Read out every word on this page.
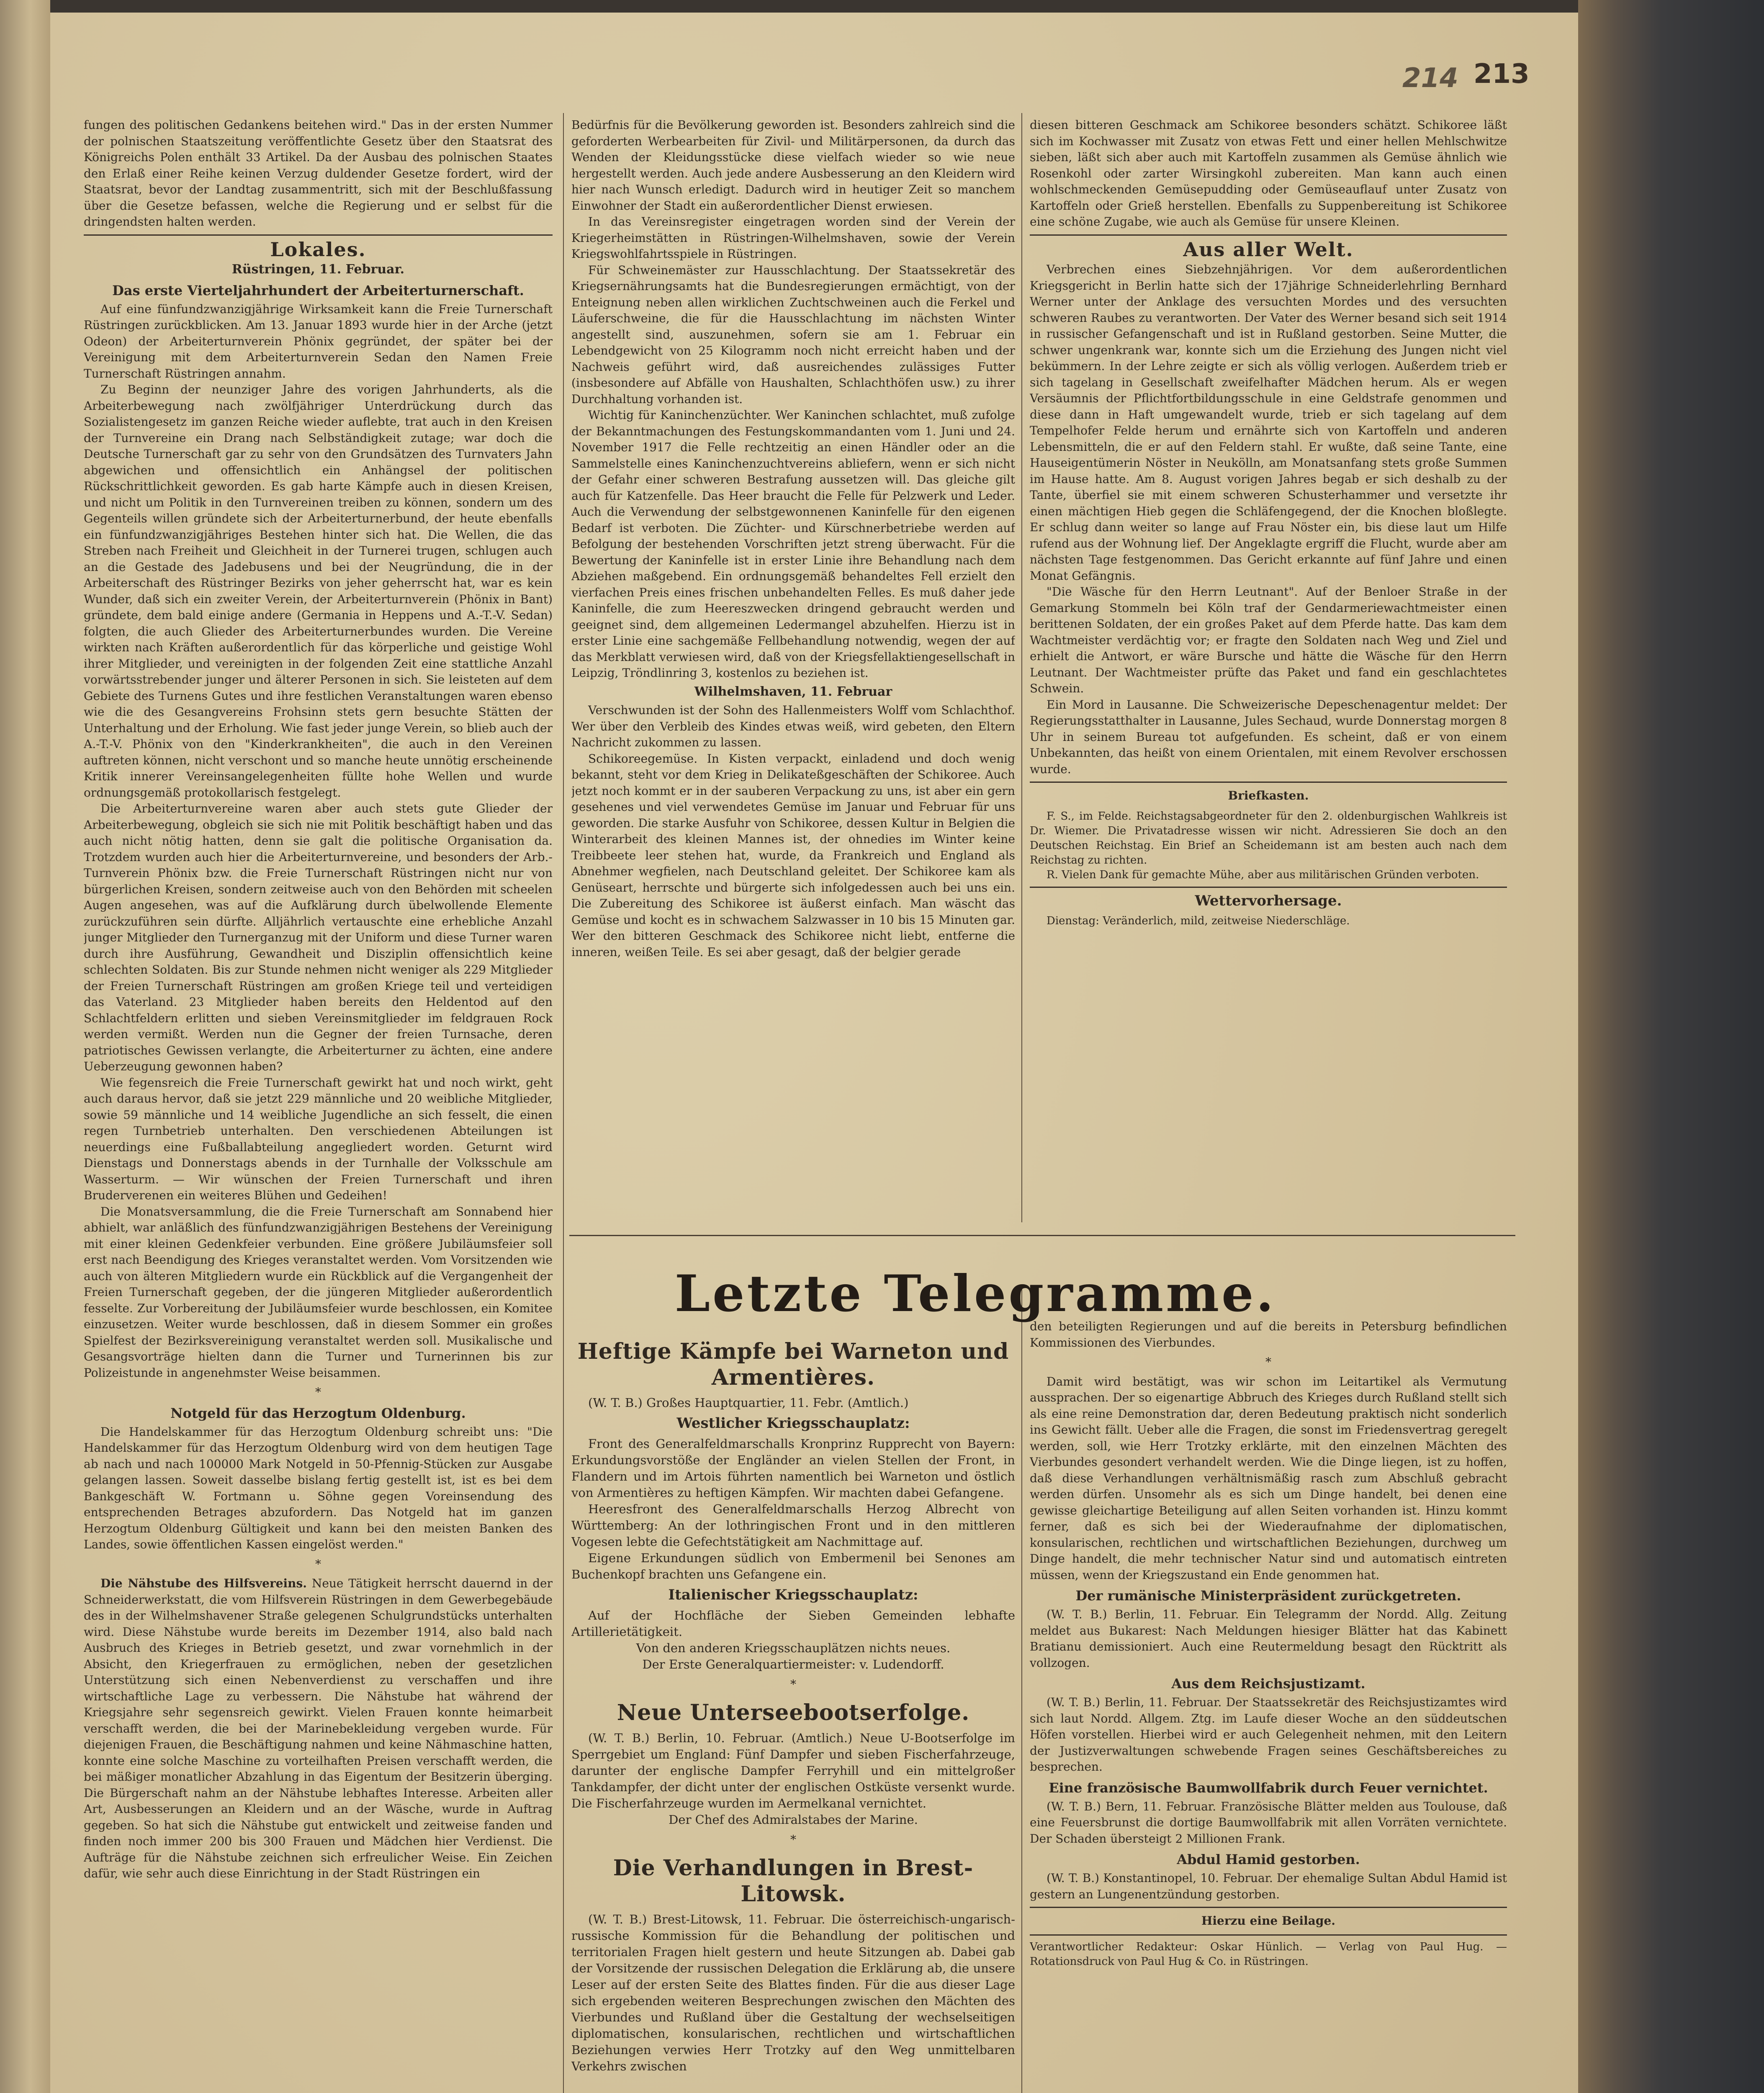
214 213

fungen des politischen Gedankens beitehen wird." Das in der ersten Nummer der polnischen Staatszeitung veröffentlichte Gesetz über den Staatsrat des Königreichs Polen enthält 33 Artikel. Da der Ausbau des polnischen Staates den Erlaß einer Reihe keinen Verzug duldender Gesetze fordert, wird der Staatsrat, bevor der Landtag zusammentritt, sich mit der Beschlußfassung über die Gesetze befassen, welche die Regierung und er selbst für die dringendsten halten werden.

Lokales.
Rüstringen, 11. Februar.
Das erste Vierteljahrhundert der Arbeiterturnerschaft.

Auf eine fünfundzwanzigjährige Wirksamkeit kann die Freie Turnerschaft Rüstringen zurückblicken. Am 13. Januar 1893 wurde hier in der Arche (jetzt Odeon) der Arbeiterturnverein Phönix gegründet, der später bei der Vereinigung mit dem Arbeiterturnverein Sedan den Namen Freie Turnerschaft Rüstringen annahm.

Zu Beginn der neunziger Jahre des vorigen Jahrhunderts, als die Arbeiterbewegung nach zwölfjähriger Unterdrückung durch das Sozialistengesetz im ganzen Reiche wieder auflebte, trat auch in den Kreisen der Turnvereine ein Drang nach Selbständigkeit zutage; war doch die Deutsche Turnerschaft gar zu sehr von den Grundsätzen des Turnvaters Jahn abgewichen und offensichtlich ein Anhängsel der politischen Rückschrittlichkeit geworden. Es gab harte Kämpfe auch in diesen Kreisen, und nicht um Politik in den Turnvereinen treiben zu können, sondern um des Gegenteils willen gründete sich der Arbeiterturnerbund, der heute ebenfalls ein fünfundzwanzigjähriges Bestehen hinter sich hat. Die Wellen, die das Streben nach Freiheit und Gleichheit in der Turnerei trugen, schlugen auch an die Gestade des Jadebusens und bei der Neugründung, die in der Arbeiterschaft des Rüstringer Bezirks von jeher geherrscht hat, war es kein Wunder, daß sich ein zweiter Verein, der Arbeiterturnverein (Phönix in Bant) gründete, dem bald einige andere (Germania in Heppens und A.-T.-V. Sedan) folgten, die auch Glieder des Arbeiterturnerbundes wurden. Die Vereine wirkten nach Kräften außerordentlich für das körperliche und geistige Wohl ihrer Mitglieder, und vereinigten in der folgenden Zeit eine stattliche Anzahl vorwärtsstrebender junger und älterer Personen in sich. Sie leisteten auf dem Gebiete des Turnens Gutes und ihre festlichen Veranstaltungen waren ebenso wie die des Gesangvereins Frohsinn stets gern besuchte Stätten der Unterhaltung und der Erholung. Wie fast jeder junge Verein, so blieb auch der A.-T.-V. Phönix von den "Kinderkrankheiten", die auch in den Vereinen auftreten können, nicht verschont und so manche heute unnötig erscheinende Kritik innerer Vereinsangelegenheiten füllte hohe Wellen und wurde ordnungsgemäß protokollarisch festgelegt.

Die Arbeiterturnvereine waren aber auch stets gute Glieder der Arbeiterbewegung, obgleich sie sich nie mit Politik beschäftigt haben und das auch nicht nötig hatten, denn sie galt die politische Organisation da. Trotzdem wurden auch hier die Arbeiterturnvereine, und besonders der Arb.-Turnverein Phönix bzw. die Freie Turnerschaft Rüstringen nicht nur von bürgerlichen Kreisen, sondern zeitweise auch von den Behörden mit scheelen Augen angesehen, was auf die Aufklärung durch übelwollende Elemente zurückzuführen sein dürfte. Alljährlich vertauschte eine erhebliche Anzahl junger Mitglieder den Turnerganzug mit der Uniform und diese Turner waren durch ihre Ausführung, Gewandheit und Disziplin offensichtlich keine schlechten Soldaten. Bis zur Stunde nehmen nicht weniger als 229 Mitglieder der Freien Turnerschaft Rüstringen am großen Kriege teil und verteidigen das Vaterland. 23 Mitglieder haben bereits den Heldentod auf den Schlachtfeldern erlitten und sieben Vereinsmitglieder im feldgrauen Rock werden vermißt. Werden nun die Gegner der freien Turnsache, deren patriotisches Gewissen verlangte, die Arbeiterturner zu ächten, eine andere Ueberzeugung gewonnen haben?

Wie fegensreich die Freie Turnerschaft gewirkt hat und noch wirkt, geht auch daraus hervor, daß sie jetzt 229 männliche und 20 weibliche Mitglieder, sowie 59 männliche und 14 weibliche Jugendliche an sich fesselt, die einen regen Turnbetrieb unterhalten. Den verschiedenen Abteilungen ist neuerdings eine Fußballabteilung angegliedert worden. Geturnt wird Dienstags und Donnerstags abends in der Turnhalle der Volksschule am Wasserturm. — Wir wünschen der Freien Turnerschaft und ihren Bruderverenen ein weiteres Blühen und Gedeihen!

Die Monatsversammlung, die die Freie Turnerschaft am Sonnabend hier abhielt, war anläßlich des fünfundzwanzigjährigen Bestehens der Vereinigung mit einer kleinen Gedenkfeier verbunden. Eine größere Jubiläumsfeier soll erst nach Beendigung des Krieges veranstaltet werden. Vom Vorsitzenden wie auch von älteren Mitgliedern wurde ein Rückblick auf die Vergangenheit der Freien Turnerschaft gegeben, der die jüngeren Mitglieder außerordentlich fesselte. Zur Vorbereitung der Jubiläumsfeier wurde beschlossen, ein Komitee einzusetzen. Weiter wurde beschlossen, daß in diesem Sommer ein großes Spielfest der Bezirksvereinigung veranstaltet werden soll. Musikalische und Gesangsvorträge hielten dann die Turner und Turnerinnen bis zur Polizeistunde in angenehmster Weise beisammen.

*
Notgeld für das Herzogtum Oldenburg.

Die Handelskammer für das Herzogtum Oldenburg schreibt uns: "Die Handelskammer für das Herzogtum Oldenburg wird von dem heutigen Tage ab nach und nach 100000 Mark Notgeld in 50-Pfennig-Stücken zur Ausgabe gelangen lassen. Soweit dasselbe bislang fertig gestellt ist, ist es bei dem Bankgeschäft W. Fortmann u. Söhne gegen Voreinsendung des entsprechenden Betrages abzufordern. Das Notgeld hat im ganzen Herzogtum Oldenburg Gültigkeit und kann bei den meisten Banken des Landes, sowie öffentlichen Kassen eingelöst werden."

*

Die Nähstube des Hilfsvereins. Neue Tätigkeit herrscht dauernd in der Schneiderwerkstatt, die vom Hilfsverein Rüstringen in dem Gewerbegebäude des in der Wilhelmshavener Straße gelegenen Schulgrundstücks unterhalten wird. Diese Nähstube wurde bereits im Dezember 1914, also bald nach Ausbruch des Krieges in Betrieb gesetzt, und zwar vornehmlich in der Absicht, den Kriegerfrauen zu ermöglichen, neben der gesetzlichen Unterstützung sich einen Nebenverdienst zu verschaffen und ihre wirtschaftliche Lage zu verbessern. Die Nähstube hat während der Kriegsjahre sehr segensreich gewirkt. Vielen Frauen konnte heimarbeit verschafft werden, die bei der Marinebekleidung vergeben wurde. Für diejenigen Frauen, die Beschäftigung nahmen und keine Nähmaschine hatten, konnte eine solche Maschine zu vorteilhaften Preisen verschafft werden, die bei mäßiger monatlicher Abzahlung in das Eigentum der Besitzerin überging. Die Bürgerschaft nahm an der Nähstube lebhaftes Interesse. Arbeiten aller Art, Ausbesserungen an Kleidern und an der Wäsche, wurde in Auftrag gegeben. So hat sich die Nähstube gut entwickelt und zeitweise fanden und finden noch immer 200 bis 300 Frauen und Mädchen hier Verdienst. Die Aufträge für die Nähstube zeichnen sich erfreulicher Weise. Ein Zeichen dafür, wie sehr auch diese Einrichtung in der Stadt Rüstringen ein

Bedürfnis für die Bevölkerung geworden ist. Besonders zahlreich sind die geforderten Werbearbeiten für Zivil- und Militärpersonen, da durch das Wenden der Kleidungsstücke diese vielfach wieder so wie neue hergestellt werden. Auch jede andere Ausbesserung an den Kleidern wird hier nach Wunsch erledigt. Dadurch wird in heutiger Zeit so manchem Einwohner der Stadt ein außerordentlicher Dienst erwiesen.

In das Vereinsregister eingetragen worden sind der Verein der Kriegerheimstätten in Rüstringen-Wilhelmshaven, sowie der Verein Kriegswohlfahrtsspiele in Rüstringen.

Für Schweinemäster zur Hausschlachtung. Der Staatssekretär des Kriegsernährungsamts hat die Bundesregierungen ermächtigt, von der Enteignung neben allen wirklichen Zuchtschweinen auch die Ferkel und Läuferschweine, die für die Hausschlachtung im nächsten Winter angestellt sind, auszunehmen, sofern sie am 1. Februar ein Lebendgewicht von 25 Kilogramm noch nicht erreicht haben und der Nachweis geführt wird, daß ausreichendes zulässiges Futter (insbesondere auf Abfälle von Haushalten, Schlachthöfen usw.) zu ihrer Durchhaltung vorhanden ist.

Wichtig für Kaninchenzüchter. Wer Kaninchen schlachtet, muß zufolge der Bekanntmachungen des Festungskommandanten vom 1. Juni und 24. November 1917 die Felle rechtzeitig an einen Händler oder an die Sammelstelle eines Kaninchenzuchtvereins abliefern, wenn er sich nicht der Gefahr einer schweren Bestrafung aussetzen will. Das gleiche gilt auch für Katzenfelle. Das Heer braucht die Felle für Pelzwerk und Leder. Auch die Verwendung der selbstgewonnenen Kaninfelle für den eigenen Bedarf ist verboten. Die Züchter- und Kürschnerbetriebe werden auf Befolgung der bestehenden Vorschriften jetzt streng überwacht. Für die Bewertung der Kaninfelle ist in erster Linie ihre Behandlung nach dem Abziehen maßgebend. Ein ordnungsgemäß behandeltes Fell erzielt den vierfachen Preis eines frischen unbehandelten Felles. Es muß daher jede Kaninfelle, die zum Heereszwecken dringend gebraucht werden und geeignet sind, dem allgemeinen Ledermangel abzuhelfen. Hierzu ist in erster Linie eine sachgemäße Fellbehandlung notwendig, wegen der auf das Merkblatt verwiesen wird, daß von der Kriegsfellaktiengesellschaft in Leipzig, Tröndlinring 3, kostenlos zu beziehen ist.

Wilhelmshaven, 11. Februar

Verschwunden ist der Sohn des Hallenmeisters Wolff vom Schlachthof. Wer über den Verbleib des Kindes etwas weiß, wird gebeten, den Eltern Nachricht zukommen zu lassen.

Schikoreegemüse. In Kisten verpackt, einladend und doch wenig bekannt, steht vor dem Krieg in Delikateßgeschäften der Schikoree. Auch jetzt noch kommt er in der sauberen Verpackung zu uns, ist aber ein gern gesehenes und viel verwendetes Gemüse im Januar und Februar für uns geworden. Die starke Ausfuhr von Schikoree, dessen Kultur in Belgien die Winterarbeit des kleinen Mannes ist, der ohnedies im Winter keine Treibbeete leer stehen hat, wurde, da Frankreich und England als Abnehmer wegfielen, nach Deutschland geleitet. Der Schikoree kam als Genüseart, herrschte und bürgerte sich infolgedessen auch bei uns ein. Die Zubereitung des Schikoree ist äußerst einfach. Man wäscht das Gemüse und kocht es in schwachem Salzwasser in 10 bis 15 Minuten gar. Wer den bitteren Geschmack des Schikoree nicht liebt, entferne die inneren, weißen Teile. Es sei aber gesagt, daß der belgier gerade

diesen bitteren Geschmack am Schikoree besonders schätzt. Schikoree läßt sich im Kochwasser mit Zusatz von etwas Fett und einer hellen Mehlschwitze sieben, läßt sich aber auch mit Kartoffeln zusammen als Gemüse ähnlich wie Rosenkohl oder zarter Wirsingkohl zubereiten. Man kann auch einen wohlschmeckenden Gemüsepudding oder Gemüseauflauf unter Zusatz von Kartoffeln oder Grieß herstellen. Ebenfalls zu Suppenbereitung ist Schikoree eine schöne Zugabe, wie auch als Gemüse für unsere Kleinen.

Aus aller Welt.

Verbrechen eines Siebzehnjährigen. Vor dem außerordentlichen Kriegsgericht in Berlin hatte sich der 17jährige Schneiderlehrling Bernhard Werner unter der Anklage des versuchten Mordes und des versuchten schweren Raubes zu verantworten. Der Vater des Werner besand sich seit 1914 in russischer Gefangenschaft und ist in Rußland gestorben. Seine Mutter, die schwer ungenkrank war, konnte sich um die Erziehung des Jungen nicht viel bekümmern. In der Lehre zeigte er sich als völlig verlogen. Außerdem trieb er sich tagelang in Gesellschaft zweifelhafter Mädchen herum. Als er wegen Versäumnis der Pflichtfortbildungsschule in eine Geldstrafe genommen und diese dann in Haft umgewandelt wurde, trieb er sich tagelang auf dem Tempelhofer Felde herum und ernährte sich von Kartoffeln und anderen Lebensmitteln, die er auf den Feldern stahl. Er wußte, daß seine Tante, eine Hauseigentümerin Nöster in Neukölln, am Monatsanfang stets große Summen im Hause hatte. Am 8. August vorigen Jahres begab er sich deshalb zu der Tante, überfiel sie mit einem schweren Schusterhammer und versetzte ihr einen mächtigen Hieb gegen die Schläfengegend, der die Knochen bloßlegte. Er schlug dann weiter so lange auf Frau Nöster ein, bis diese laut um Hilfe rufend aus der Wohnung lief. Der Angeklagte ergriff die Flucht, wurde aber am nächsten Tage festgenommen. Das Gericht erkannte auf fünf Jahre und einen Monat Gefängnis.

"Die Wäsche für den Herrn Leutnant". Auf der Benloer Straße in der Gemarkung Stommeln bei Köln traf der Gendarmeriewachtmeister einen berittenen Soldaten, der ein großes Paket auf dem Pferde hatte. Das kam dem Wachtmeister verdächtig vor; er fragte den Soldaten nach Weg und Ziel und erhielt die Antwort, er wäre Bursche und hätte die Wäsche für den Herrn Leutnant. Der Wachtmeister prüfte das Paket und fand ein geschlachtetes Schwein.

Ein Mord in Lausanne. Die Schweizerische Depeschenagentur meldet: Der Regierungsstatthalter in Lausanne, Jules Sechaud, wurde Donnerstag morgen 8 Uhr in seinem Bureau tot aufgefunden. Es scheint, daß er von einem Unbekannten, das heißt von einem Orientalen, mit einem Revolver erschossen wurde.

Briefkasten.

F. S., im Felde. Reichstagsabgeordneter für den 2. oldenburgischen Wahlkreis ist Dr. Wiemer. Die Privatadresse wissen wir nicht. Adressieren Sie doch an den Deutschen Reichstag. Ein Brief an Scheidemann ist am besten auch nach dem Reichstag zu richten.

R. Vielen Dank für gemachte Mühe, aber aus militärischen Gründen verboten.

Wettervorhersage.

Dienstag: Veränderlich, mild, zeitweise Niederschläge.

Letzte Telegramme.
Heftige Kämpfe bei Warneton und Armentières.

(W. T. B.) Großes Hauptquartier, 11. Febr. (Amtlich.)

Westlicher Kriegsschauplatz:

Front des Generalfeldmarschalls Kronprinz Rupprecht von Bayern: Erkundungsvorstöße der Engländer an vielen Stellen der Front, in Flandern und im Artois führten namentlich bei Warneton und östlich von Armentières zu heftigen Kämpfen. Wir machten dabei Gefangene.

Heeresfront des Generalfeldmarschalls Herzog Albrecht von Württemberg: An der lothringischen Front und in den mittleren Vogesen lebte die Gefechtstätigkeit am Nachmittage auf.

Eigene Erkundungen südlich von Embermenil bei Senones am Buchenkopf brachten uns Gefangene ein.

Italienischer Kriegsschauplatz:

Auf der Hochfläche der Sieben Gemeinden lebhafte Artillerietätigkeit.

Von den anderen Kriegsschauplätzen nichts neues.

Der Erste Generalquartiermeister: v. Ludendorff.

*
Neue Unterseebootserfolge.

(W. T. B.) Berlin, 10. Februar. (Amtlich.) Neue U-Bootserfolge im Sperrgebiet um England: Fünf Dampfer und sieben Fischerfahrzeuge, darunter der englische Dampfer Ferryhill und ein mittelgroßer Tankdampfer, der dicht unter der englischen Ostküste versenkt wurde. Die Fischerfahrzeuge wurden im Aermelkanal vernichtet.

Der Chef des Admiralstabes der Marine.

*
Die Verhandlungen in Brest-Litowsk.

(W. T. B.) Brest-Litowsk, 11. Februar. Die österreichisch-ungarisch-russische Kommission für die Behandlung der politischen und territorialen Fragen hielt gestern und heute Sitzungen ab. Dabei gab der Vorsitzende der russischen Delegation die Erklärung ab, die unsere Leser auf der ersten Seite des Blattes finden. Für die aus dieser Lage sich ergebenden weiteren Besprechungen zwischen den Mächten des Vierbundes und Rußland über die Gestaltung der wechselseitigen diplomatischen, konsularischen, rechtlichen und wirtschaftlichen Beziehungen verwies Herr Trotzky auf den Weg unmittelbaren Verkehrs zwischen

den beteiligten Regierungen und auf die bereits in Petersburg befindlichen Kommissionen des Vierbundes.

*

Damit wird bestätigt, was wir schon im Leitartikel als Vermutung aussprachen. Der so eigenartige Abbruch des Krieges durch Rußland stellt sich als eine reine Demonstration dar, deren Bedeutung praktisch nicht sonderlich ins Gewicht fällt. Ueber alle die Fragen, die sonst im Friedensvertrag geregelt werden, soll, wie Herr Trotzky erklärte, mit den einzelnen Mächten des Vierbundes gesondert verhandelt werden. Wie die Dinge liegen, ist zu hoffen, daß diese Verhandlungen verhältnismäßig rasch zum Abschluß gebracht werden dürfen. Unsomehr als es sich um Dinge handelt, bei denen eine gewisse gleichartige Beteiligung auf allen Seiten vorhanden ist. Hinzu kommt ferner, daß es sich bei der Wiederaufnahme der diplomatischen, konsularischen, rechtlichen und wirtschaftlichen Beziehungen, durchweg um Dinge handelt, die mehr technischer Natur sind und automatisch eintreten müssen, wenn der Kriegszustand ein Ende genommen hat.

Der rumänische Ministerpräsident zurückgetreten.

(W. T. B.) Berlin, 11. Februar. Ein Telegramm der Nordd. Allg. Zeitung meldet aus Bukarest: Nach Meldungen hiesiger Blätter hat das Kabinett Bratianu demissioniert. Auch eine Reutermeldung besagt den Rücktritt als vollzogen.

Aus dem Reichsjustizamt.

(W. T. B.) Berlin, 11. Februar. Der Staatssekretär des Reichsjustizamtes wird sich laut Nordd. Allgem. Ztg. im Laufe dieser Woche an den süddeutschen Höfen vorstellen. Hierbei wird er auch Gelegenheit nehmen, mit den Leitern der Justizverwaltungen schwebende Fragen seines Geschäftsbereiches zu besprechen.

Eine französische Baumwollfabrik durch Feuer vernichtet.

(W. T. B.) Bern, 11. Februar. Französische Blätter melden aus Toulouse, daß eine Feuersbrunst die dortige Baumwollfabrik mit allen Vorräten vernichtete. Der Schaden übersteigt 2 Millionen Frank.

Abdul Hamid gestorben.

(W. T. B.) Konstantinopel, 10. Februar. Der ehemalige Sultan Abdul Hamid ist gestern an Lungenentzündung gestorben.

Hierzu eine Beilage.

Verantwortlicher Redakteur: Oskar Hünlich. — Verlag von Paul Hug. — Rotationsdruck von Paul Hug & Co. in Rüstringen.
